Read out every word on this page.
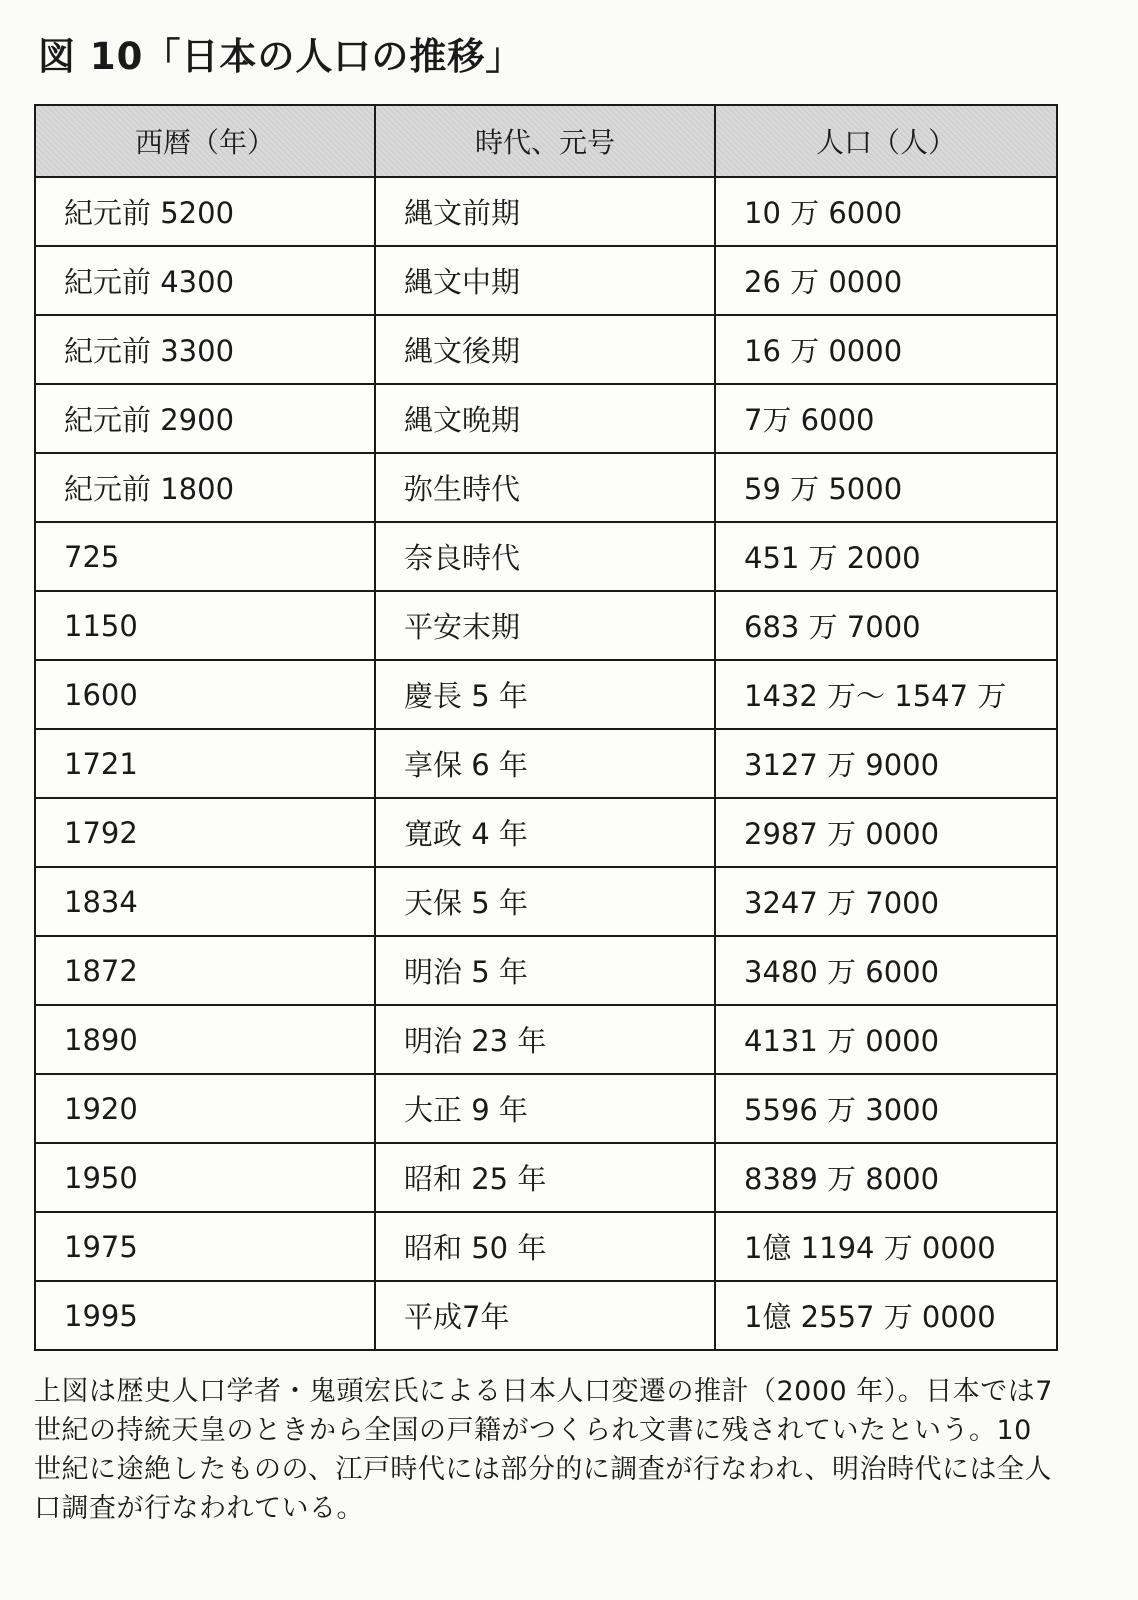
図 10「日本の人口の推移」
西暦（年）	時代、元号	人口（人）
紀元前 5200	縄文前期	10 万 6000
紀元前 4300	縄文中期	26 万 0000
紀元前 3300	縄文後期	16 万 0000
紀元前 2900	縄文晩期	7万 6000
紀元前 1800	弥生時代	59 万 5000
725	奈良時代	451 万 2000
1150	平安末期	683 万 7000
1600	慶長 5 年	1432 万～ 1547 万
1721	享保 6 年	3127 万 9000
1792	寛政 4 年	2987 万 0000
1834	天保 5 年	3247 万 7000
1872	明治 5 年	3480 万 6000
1890	明治 23 年	4131 万 0000
1920	大正 9 年	5596 万 3000
1950	昭和 25 年	8389 万 8000
1975	昭和 50 年	1億 1194 万 0000
1995	平成7年	1億 2557 万 0000
上図は歴史人口学者・鬼頭宏氏による日本人口変遷の推計（2000 年）。日本では7世紀の持統天皇のときから全国の戸籍がつくられ文書に残されていたという。10 世紀に途絶したものの、江戸時代には部分的に調査が行なわれ、明治時代には全人口調査が行なわれている。
